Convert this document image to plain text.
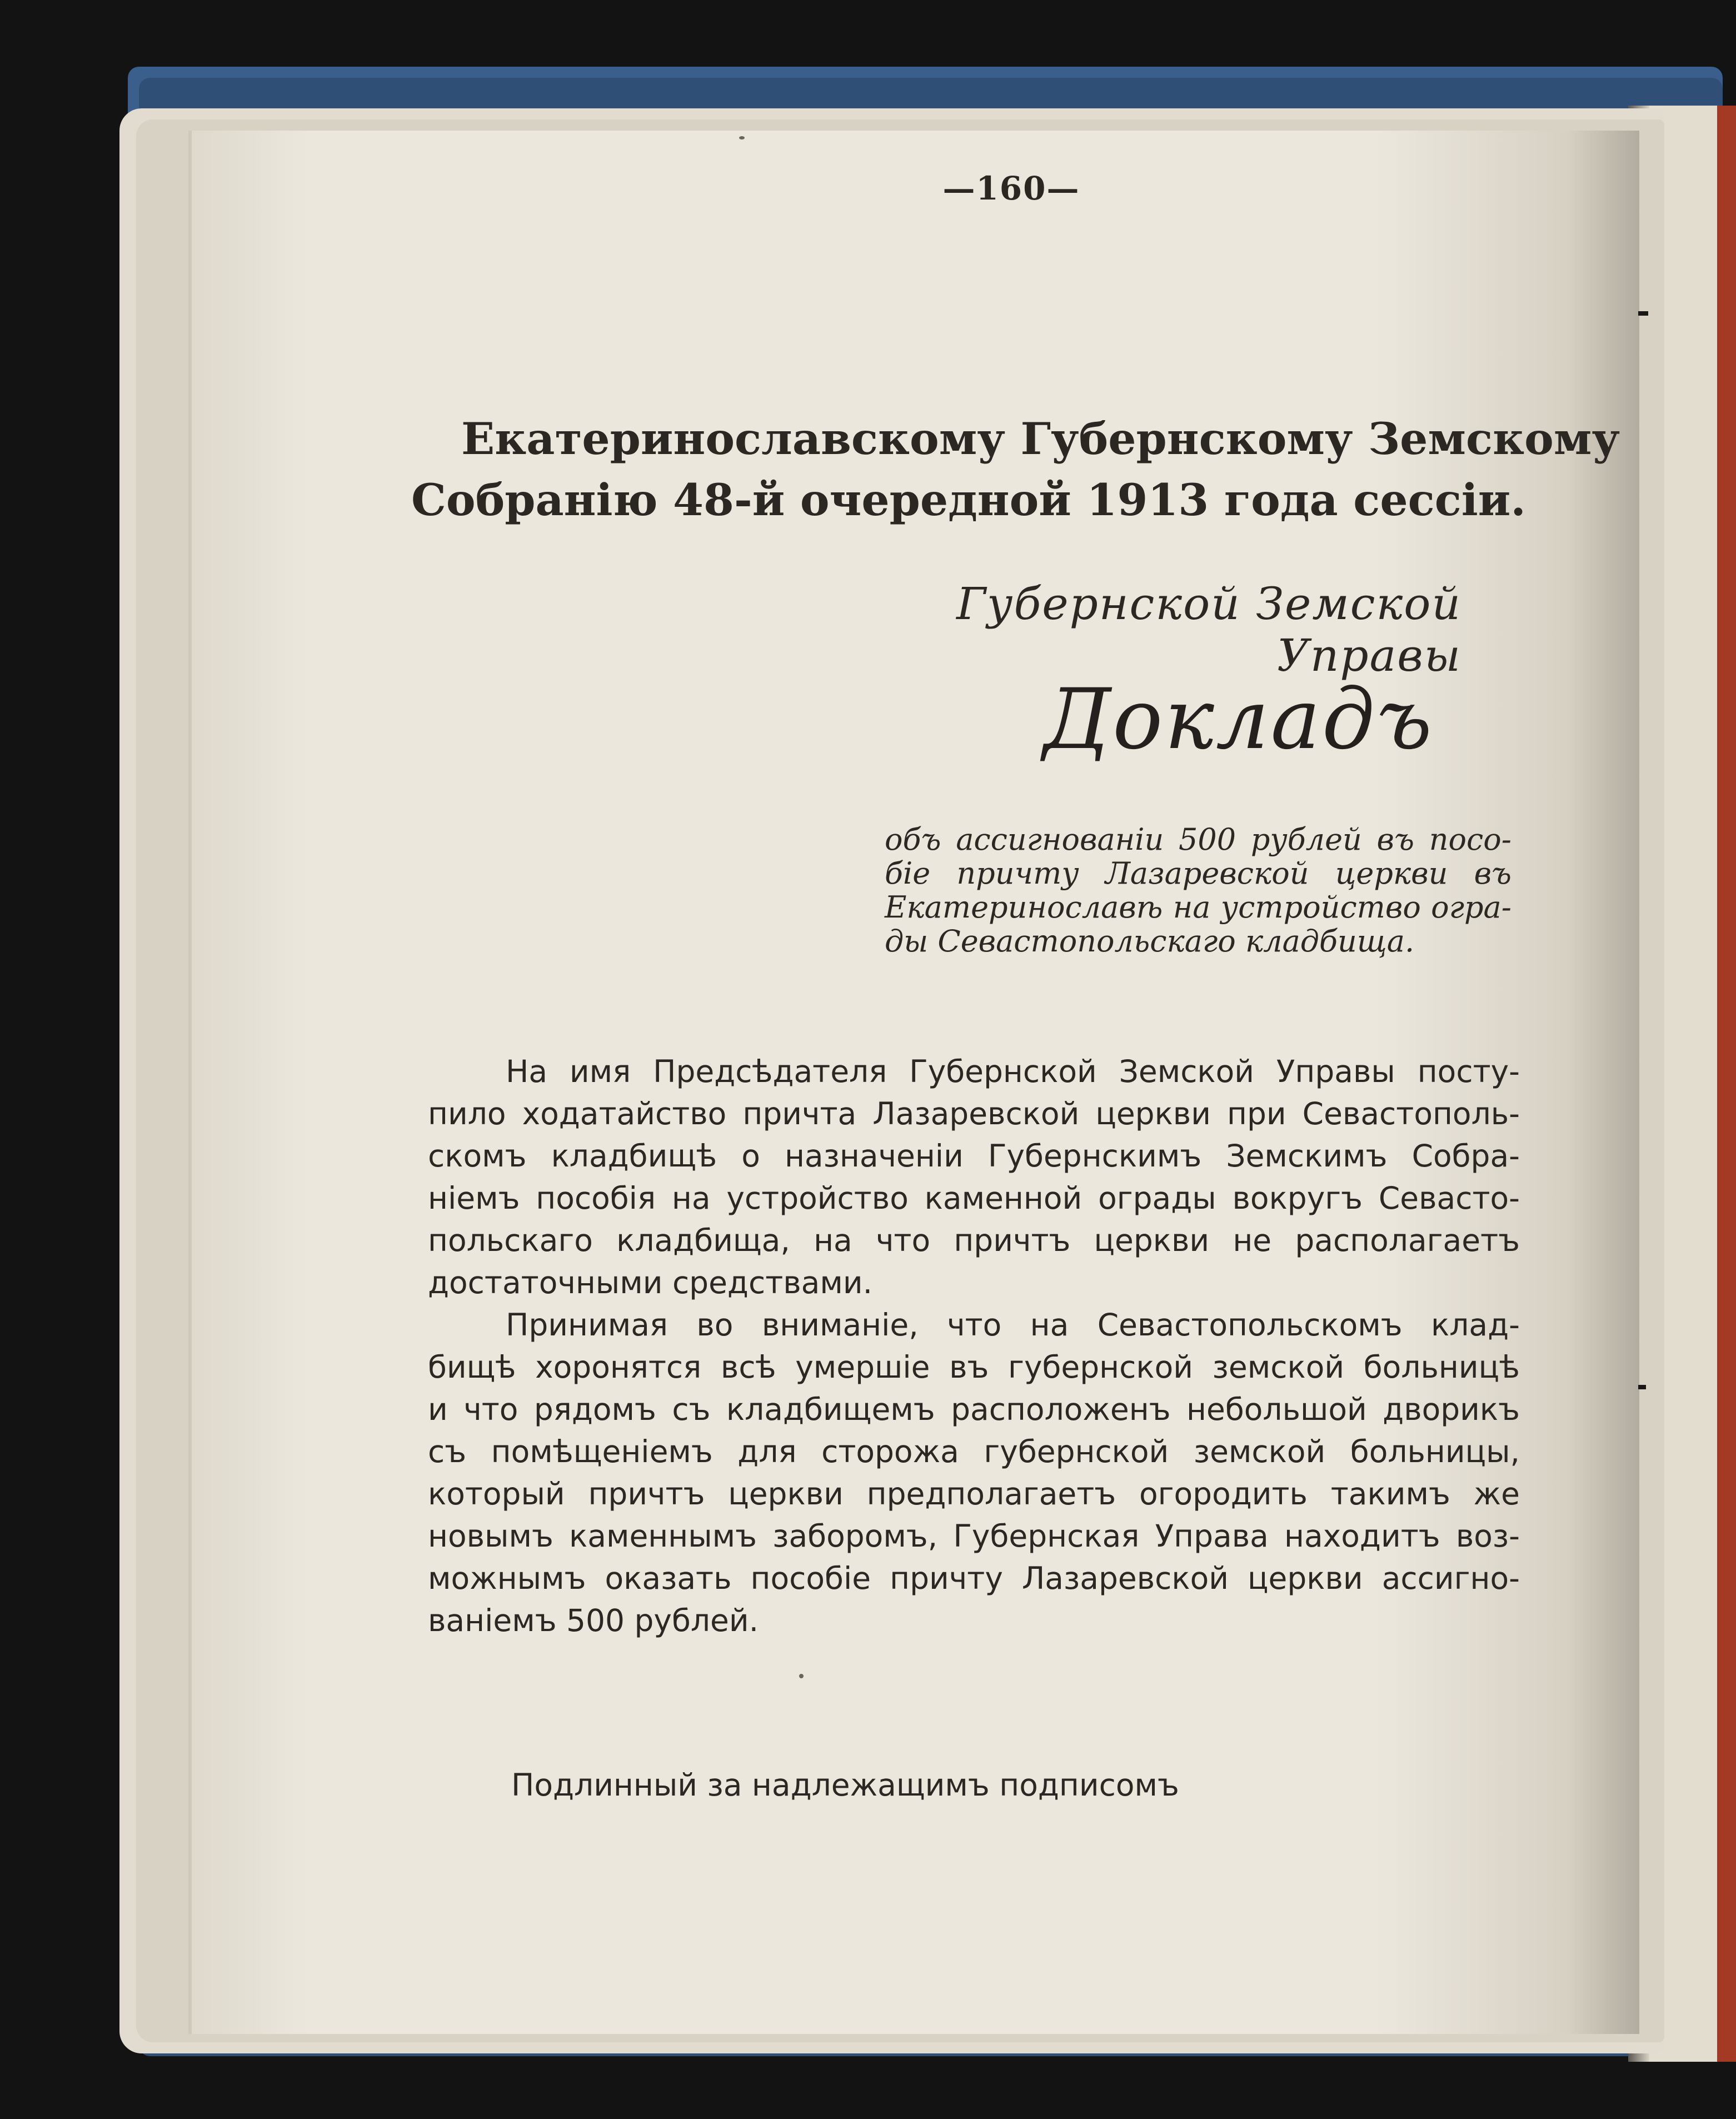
—160—
Екатеринославскому Губернскому Земскому
Собранію 48-й очередной 1913 года сессіи.
Губернской Земской Управы
Докладъ
объ ассигнованіи 500 рублей въ посо-
біе причту Лазаревской церкви въ
Екатеринославѣ на устройство огра-
ды Севастопольскаго кладбища.

На имя Предсѣдателя Губернской Земской Управы посту-
пило ходатайство причта Лазаревской церкви при Севастополь-
скомъ кладбищѣ о назначеніи Губернскимъ Земскимъ Собра-
ніемъ пособія на устройство каменной ограды вокругъ Севасто-
польскаго кладбища, на что причтъ церкви не располагаетъ
достаточными средствами.

Принимая во вниманіе, что на Севастопольскомъ клад-
бищѣ хоронятся всѣ умершіе въ губернской земской больницѣ
и что рядомъ съ кладбищемъ расположенъ небольшой дворикъ
съ помѣщеніемъ для сторожа губернской земской больницы,
который причтъ церкви предполагаетъ огородить такимъ же
новымъ каменнымъ заборомъ, Губернская Управа находитъ воз-
можнымъ оказать пособіе причту Лазаревской церкви ассигно-
ваніемъ 500 рублей.

Подлинный за надлежащимъ подписомъ
